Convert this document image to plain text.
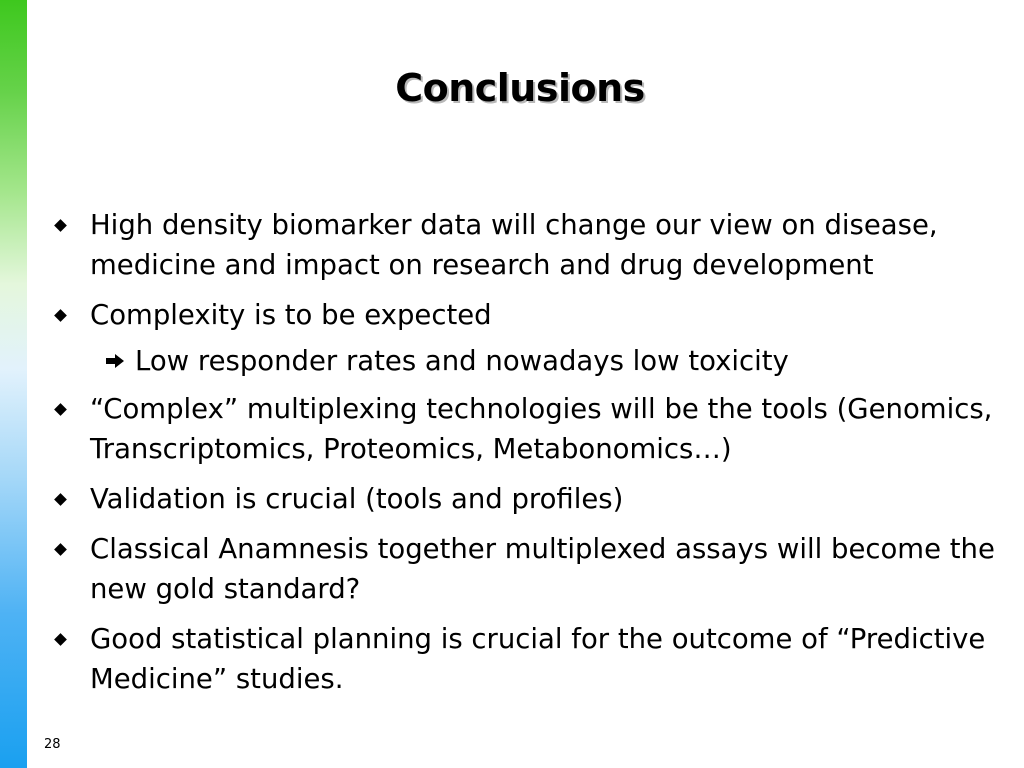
Conclusions
High density biomarker data will change our view on disease, medicine and impact on research and drug development
Complexity is to be expected
Low responder rates and nowadays low toxicity
“Complex” multiplexing technologies will be the tools (Genomics, Transcriptomics, Proteomics, Metabonomics…)
Validation is crucial (tools and profiles)
Classical Anamnesis together multiplexed assays will become the new gold standard?
Good statistical planning is crucial for the outcome of “Predictive Medicine” studies.
28
